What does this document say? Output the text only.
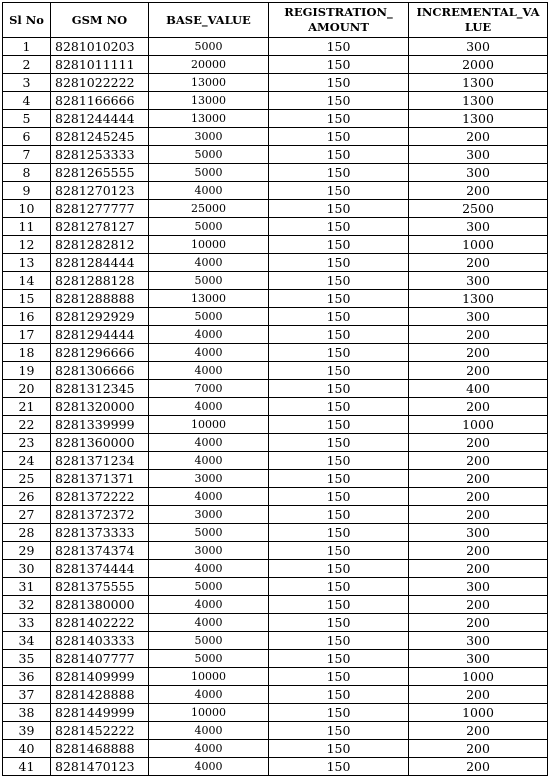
Sl No	GSM NO	BASE_VALUE	REGISTRATION_ AMOUNT	INCREMENTAL_VA LUE
1	8281010203	5000	150	300
2	8281011111	20000	150	2000
3	8281022222	13000	150	1300
4	8281166666	13000	150	1300
5	8281244444	13000	150	1300
6	8281245245	3000	150	200
7	8281253333	5000	150	300
8	8281265555	5000	150	300
9	8281270123	4000	150	200
10	8281277777	25000	150	2500
11	8281278127	5000	150	300
12	8281282812	10000	150	1000
13	8281284444	4000	150	200
14	8281288128	5000	150	300
15	8281288888	13000	150	1300
16	8281292929	5000	150	300
17	8281294444	4000	150	200
18	8281296666	4000	150	200
19	8281306666	4000	150	200
20	8281312345	7000	150	400
21	8281320000	4000	150	200
22	8281339999	10000	150	1000
23	8281360000	4000	150	200
24	8281371234	4000	150	200
25	8281371371	3000	150	200
26	8281372222	4000	150	200
27	8281372372	3000	150	200
28	8281373333	5000	150	300
29	8281374374	3000	150	200
30	8281374444	4000	150	200
31	8281375555	5000	150	300
32	8281380000	4000	150	200
33	8281402222	4000	150	200
34	8281403333	5000	150	300
35	8281407777	5000	150	300
36	8281409999	10000	150	1000
37	8281428888	4000	150	200
38	8281449999	10000	150	1000
39	8281452222	4000	150	200
40	8281468888	4000	150	200
41	8281470123	4000	150	200
